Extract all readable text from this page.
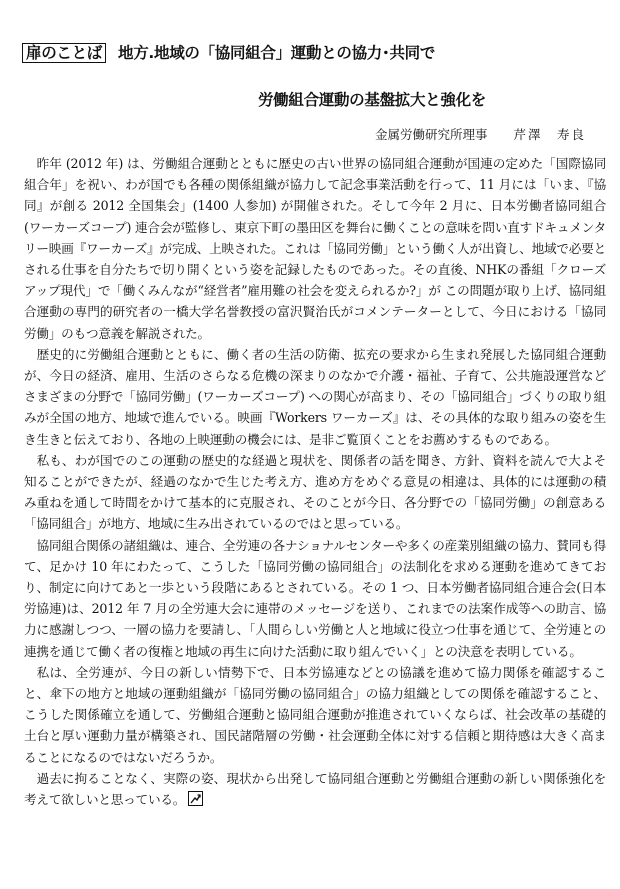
扉のことば 地方.地域の「協同組合」運動との協力･共同で
労働組合運動の基盤拡大と強化を
金属労働研究所理事 芹澤　寿良

昨年 (2012 年) は、労働組合運動とともに歴史の古い世界の協同組合運動が国連の定めた「国際協同組合年」を祝い、わが国でも各種の関係組織が協力して記念事業活動を行って、11 月には「いま、『協同』が創る 2012 全国集会」(1400 人参加) が開催された。そして今年 2 月に、日本労働者協同組合 (ワーカーズコープ) 連合会が監修し、東京下町の墨田区を舞台に働くことの意味を問い直すドキュメンタリー映画『ワーカーズ』が完成、上映された。これは「協同労働」という働く人が出資し、地域で必要とされる仕事を自分たちで切り開くという姿を記録したものであった。その直後、NHKの番組「クローズアップ現代」で「働くみんなが“経営者”雇用難の社会を変えられるか?」が この問題が取り上げ、協同組合運動の専門的研究者の一橋大学名誉教授の富沢賢治氏がコメンテーターとして、今日における「協同労働」のもつ意義を解説された。

歴史的に労働組合運動とともに、働く者の生活の防衛、拡充の要求から生まれ発展した協同組合運動が、今日の経済、雇用、生活のさらなる危機の深まりのなかで介護・福祉、子育て、公共施設運営などさまざまの分野で「協同労働」(ワーカーズコープ) への関心が高まり、その「協同組合」づくりの取り組みが全国の地方、地域で進んでいる。映画『Workers ワーカーズ』は、その具体的な取り組みの姿を生き生きと伝えており、各地の上映運動の機会には、是非ご覧頂くことをお薦めするものである。

私も、わが国でのこの運動の歴史的な経過と現状を、関係者の話を聞き、方針、資料を読んで大よそ知ることができたが、経過のなかで生じた考え方、進め方をめぐる意見の相違は、具体的には運動の積み重ねを通して時間をかけて基本的に克服され、そのことが今日、各分野での「協同労働」の創意ある「協同組合」が地方、地域に生み出されているのではと思っている。

協同組合関係の諸組織は、連合、全労連の各ナショナルセンターや多くの産業別組織の協力、賛同も得て、足かけ 10 年にわたって、こうした「協同労働の協同組合」の法制化を求める運動を進めてきており、制定に向けてあと一歩という段階にあるとされている。その 1 つ、日本労働者協同組合連合会(日本労協連)は、2012 年 7 月の全労連大会に連帯のメッセージを送り、これまでの法案作成等への助言、協力に感謝しつつ、一層の協力を要請し、「人間らしい労働と人と地域に役立つ仕事を通じて、全労連との連携を通じて働く者の復権と地域の再生に向けた活動に取り組んでいく」との決意を表明している。

私は、全労連が、今日の新しい情勢下で、日本労協連などとの協議を進めて協力関係を確認すること、傘下の地方と地域の運動組織が「協同労働の協同組合」の協力組織としての関係を確認すること、こうした関係確立を通して、労働組合運動と協同組合運動が推進されていくならば、社会改革の基礎的土台と厚い運動力量が構築され、国民諸階層の労働・社会運動全体に対する信頼と期待感は大きく高まることになるのではないだろうか。

過去に拘ることなく、実際の姿、現状から出発して協同組合運動と労働組合運動の新しい関係強化を考えて欲しいと思っている。
